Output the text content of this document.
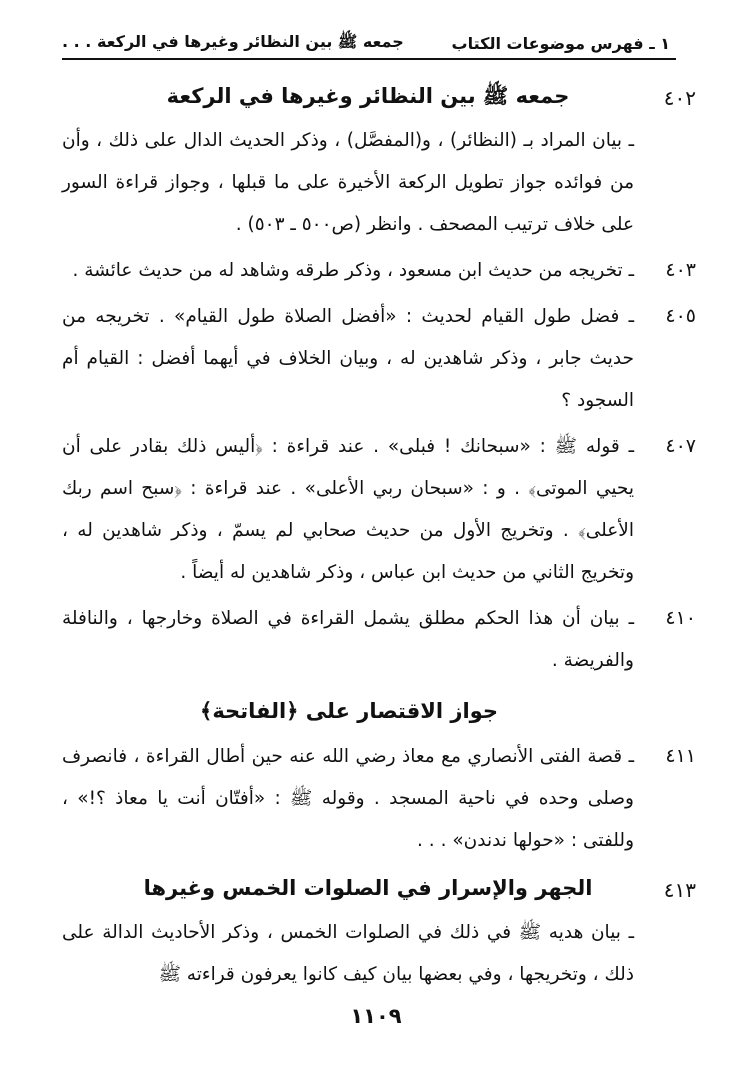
١ ـ فهرس موضوعات الكتاب
جمعه ﷺ بين النظائر وغيرها في الركعة . . .
٤٠٢
جمعه ﷺ بين النظائر وغيرها في الركعة
ـ بيان المراد بـ (النظائر) ، و(المفصَّل) ، وذكر الحديث الدال على ذلك ، وأن من فوائده جواز تطويل الركعة الأخيرة على ما قبلها ، وجواز قراءة السور على خلاف ترتيب المصحف . وانظر (ص٥٠٠ ـ ٥٠٣) .
٤٠٣
ـ تخريجه من حديث ابن مسعود ، وذكر طرقه وشاهد له من حديث عائشة .
٤٠٥
ـ فضل طول القيام لحديث : «أفضل الصلاة طول القيام» . تخريجه من حديث جابر ، وذكر شاهدين له ، وبيان الخلاف في أيهما أفضل : القيام أم السجود ؟
٤٠٧
ـ قوله ﷺ : «سبحانك ! فبلى» . عند قراءة : ﴿أليس ذلك بقادر على أن يحيي الموتى﴾ . و : «سبحان ربي الأعلى» . عند قراءة : ﴿سبح اسم ربك الأعلى﴾ . وتخريج الأول من حديث صحابي لم يسمّ ، وذكر شاهدين له ، وتخريج الثاني من حديث ابن عباس ، وذكر شاهدين له أيضاً .
٤١٠
ـ بيان أن هذا الحكم مطلق يشمل القراءة في الصلاة وخارجها ، والنافلة والفريضة .
جواز الاقتصار على ﴿الفاتحة﴾
٤١١
ـ قصة الفتى الأنصاري مع معاذ رضي الله عنه حين أطال القراءة ، فانصرف وصلى وحده في ناحية المسجد . وقوله ﷺ : «أفتّان أنت يا معاذ ؟!» ، وللفتى : «حولها ندندن» . . .
٤١٣
الجهر والإسرار في الصلوات الخمس وغيرها
ـ بيان هديه ﷺ في ذلك في الصلوات الخمس ، وذكر الأحاديث الدالة على ذلك ، وتخريجها ، وفي بعضها بيان كيف كانوا يعرفون قراءته ﷺ
١١٠٩
